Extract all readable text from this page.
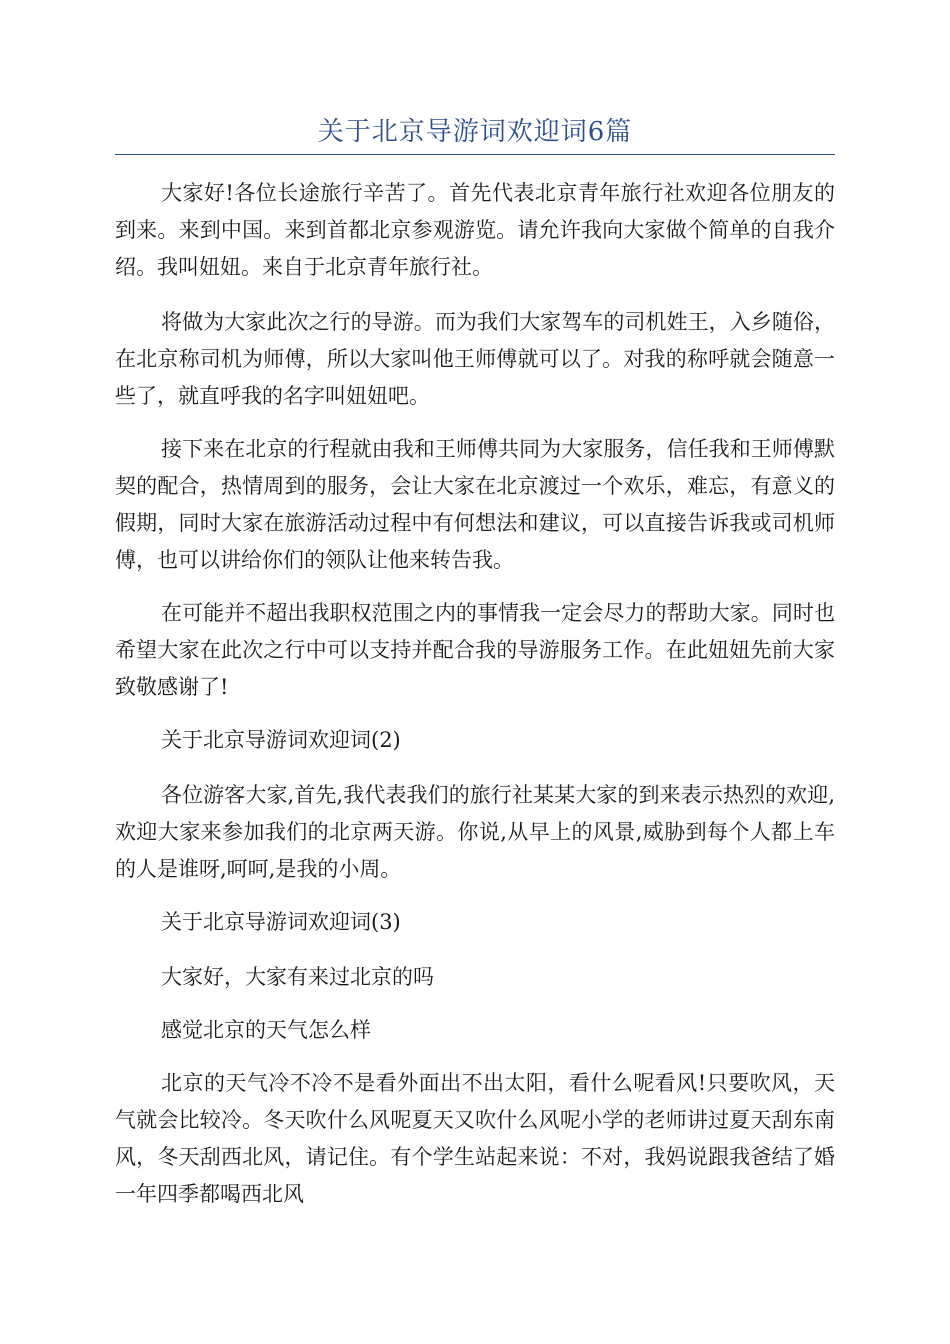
关于北京导游词欢迎词6篇

大家好!各位长途旅行辛苦了。首先代表北京青年旅行社欢迎各位朋友的到来。来到中国。来到首都北京参观游览。请允许我向大家做个简单的自我介绍。我叫妞妞。来自于北京青年旅行社。

将做为大家此次之行的导游。而为我们大家驾车的司机姓王，入乡随俗，在北京称司机为师傅，所以大家叫他王师傅就可以了。对我的称呼就会随意一些了，就直呼我的名字叫妞妞吧。

接下来在北京的行程就由我和王师傅共同为大家服务，信任我和王师傅默契的配合，热情周到的服务，会让大家在北京渡过一个欢乐，难忘，有意义的假期，同时大家在旅游活动过程中有何想法和建议，可以直接告诉我或司机师傅，也可以讲给你们的领队让他来转告我。

在可能并不超出我职权范围之内的事情我一定会尽力的帮助大家。同时也希望大家在此次之行中可以支持并配合我的导游服务工作。在此妞妞先前大家致敬感谢了!

关于北京导游词欢迎词(2)

各位游客大家,首先,我代表我们的旅行社某某大家的到来表示热烈的欢迎,欢迎大家来参加我们的北京两天游。你说,从早上的风景,威胁到每个人都上车的人是谁呀,呵呵,是我的小周。

关于北京导游词欢迎词(3)

大家好，大家有来过北京的吗

感觉北京的天气怎么样

北京的天气冷不冷不是看外面出不出太阳，看什么呢看风!只要吹风，天气就会比较冷。冬天吹什么风呢夏天又吹什么风呢小学的老师讲过夏天刮东南风，冬天刮西北风，请记住。有个学生站起来说：不对，我妈说跟我爸结了婚一年四季都喝西北风
